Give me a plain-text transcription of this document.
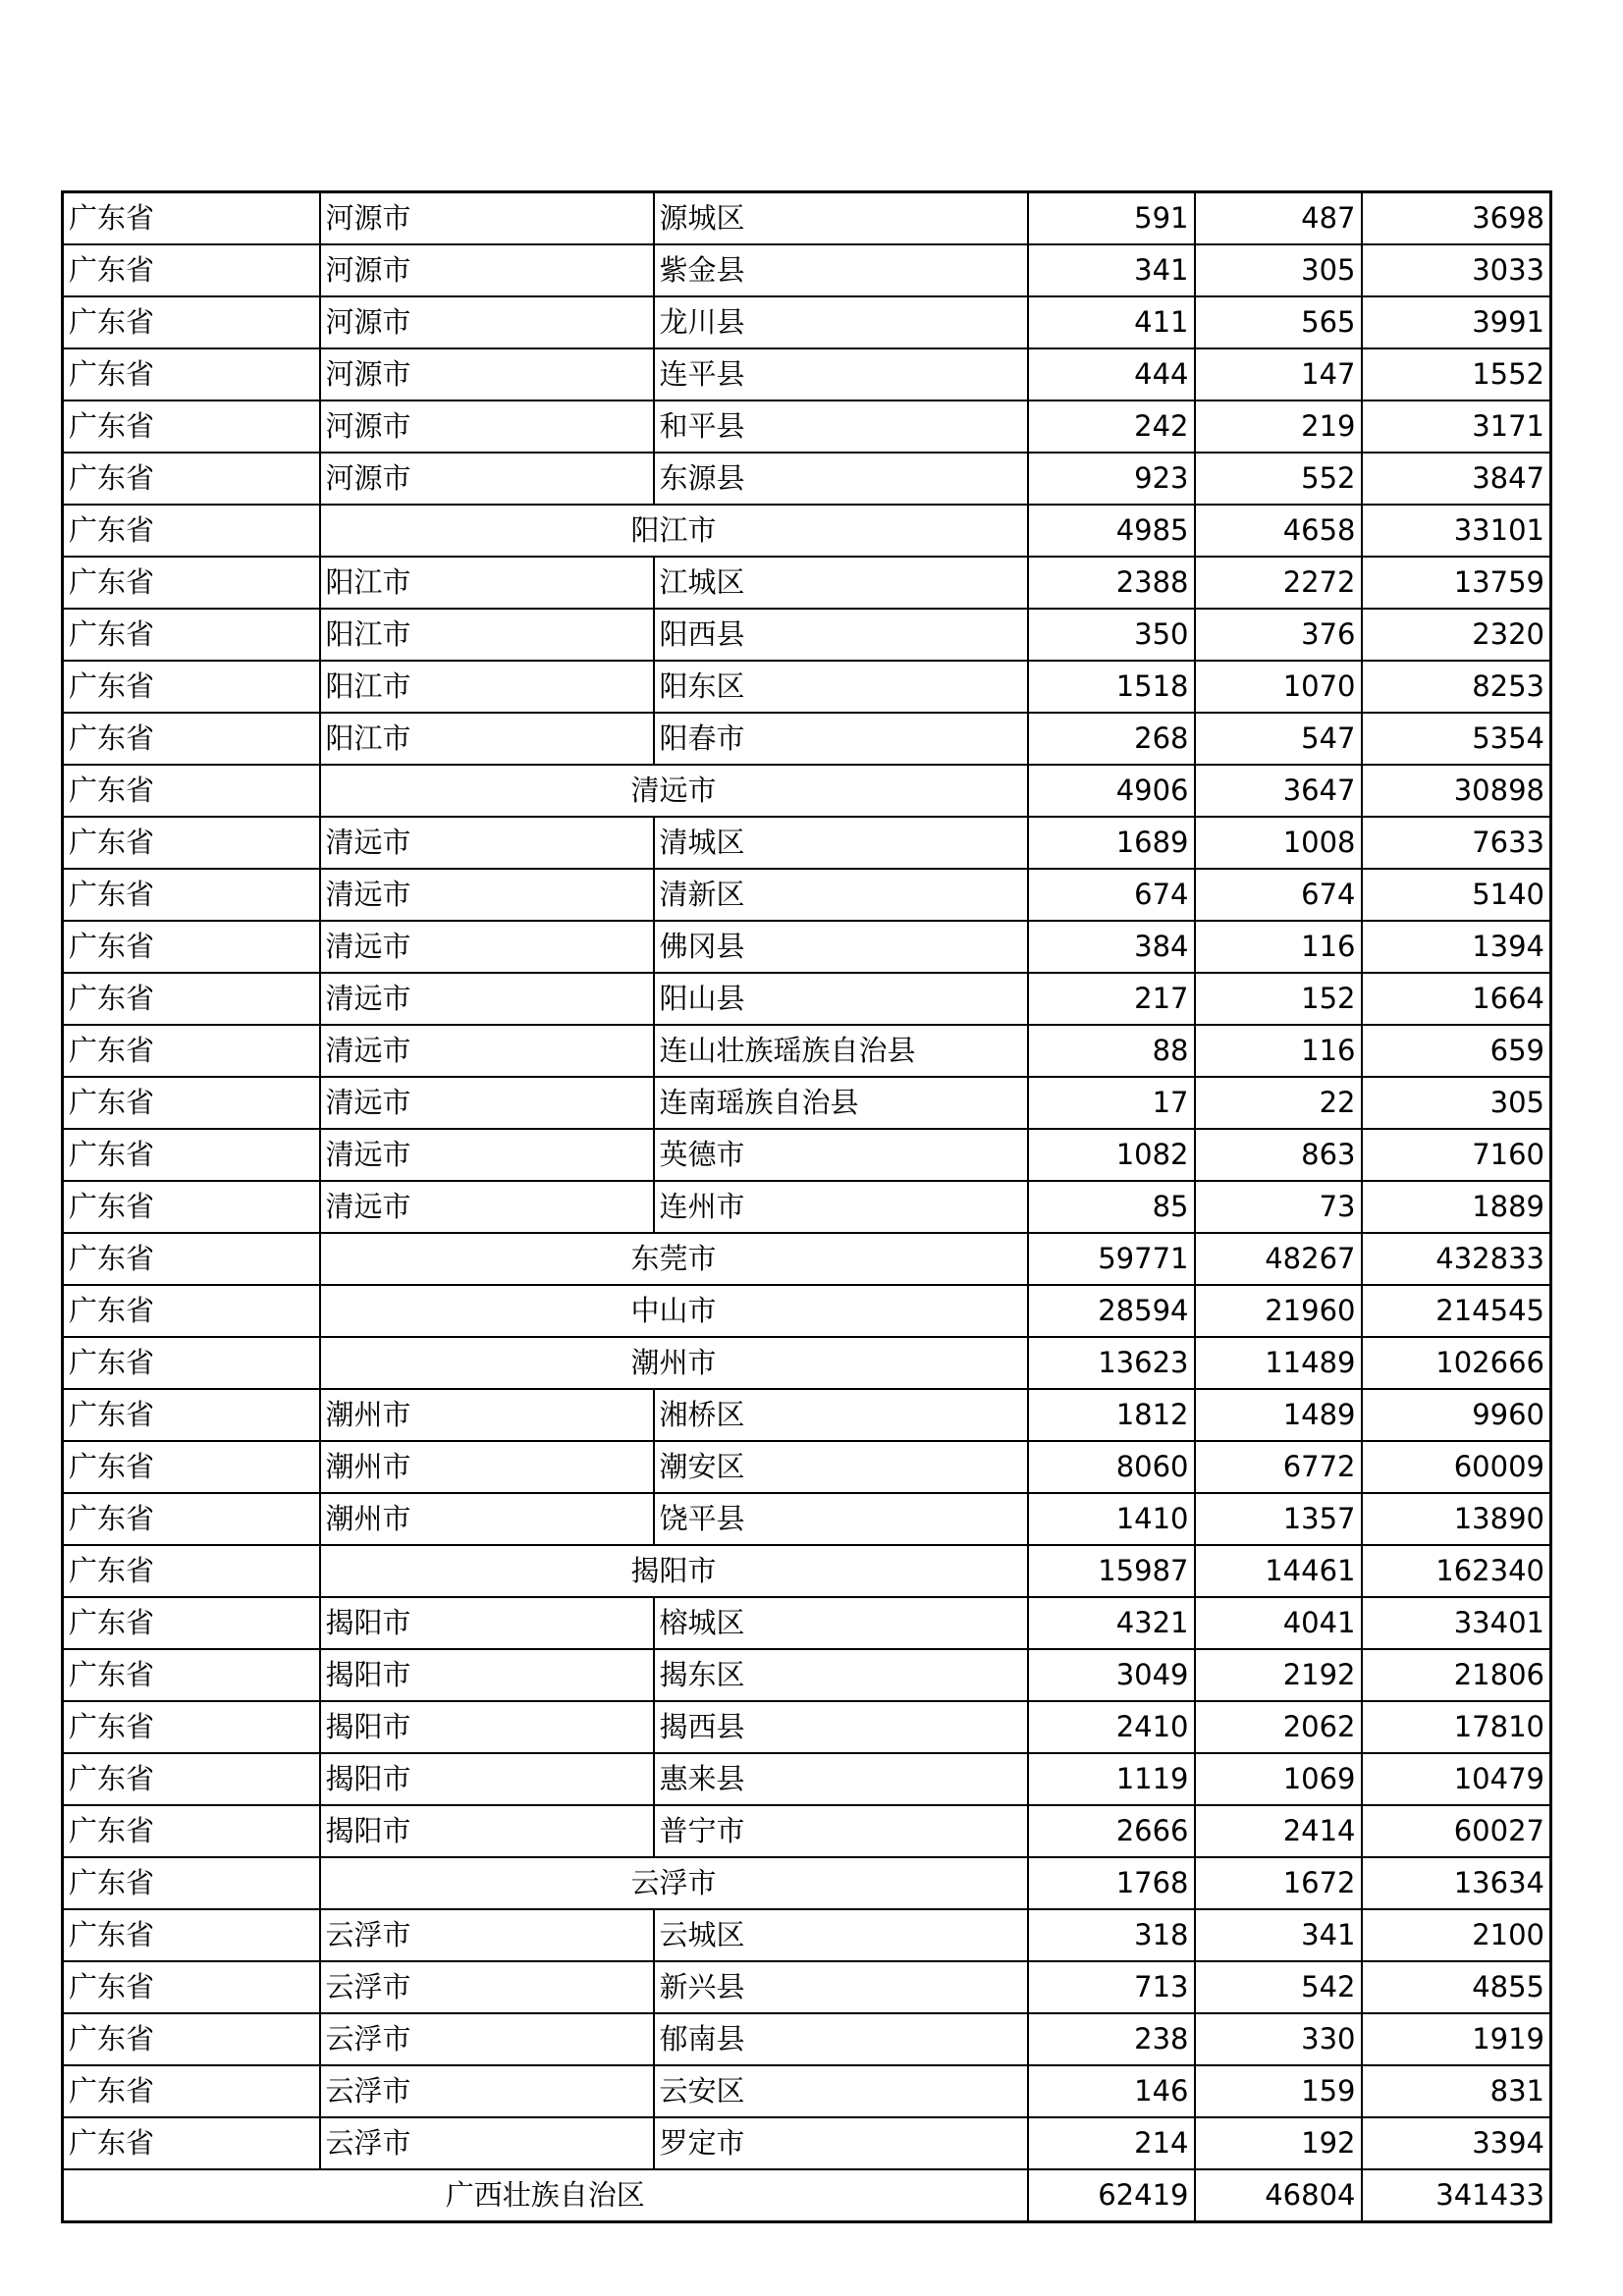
广东省	河源市	源城区	591	487	3698
广东省	河源市	紫金县	341	305	3033
广东省	河源市	龙川县	411	565	3991
广东省	河源市	连平县	444	147	1552
广东省	河源市	和平县	242	219	3171
广东省	河源市	东源县	923	552	3847
广东省	阳江市		4985	4658	33101
广东省	阳江市	江城区	2388	2272	13759
广东省	阳江市	阳西县	350	376	2320
广东省	阳江市	阳东区	1518	1070	8253
广东省	阳江市	阳春市	268	547	5354
广东省	清远市		4906	3647	30898
广东省	清远市	清城区	1689	1008	7633
广东省	清远市	清新区	674	674	5140
广东省	清远市	佛冈县	384	116	1394
广东省	清远市	阳山县	217	152	1664
广东省	清远市	连山壮族瑶族自治县	88	116	659
广东省	清远市	连南瑶族自治县	17	22	305
广东省	清远市	英德市	1082	863	7160
广东省	清远市	连州市	85	73	1889
广东省	东莞市		59771	48267	432833
广东省	中山市		28594	21960	214545
广东省	潮州市		13623	11489	102666
广东省	潮州市	湘桥区	1812	1489	9960
广东省	潮州市	潮安区	8060	6772	60009
广东省	潮州市	饶平县	1410	1357	13890
广东省	揭阳市		15987	14461	162340
广东省	揭阳市	榕城区	4321	4041	33401
广东省	揭阳市	揭东区	3049	2192	21806
广东省	揭阳市	揭西县	2410	2062	17810
广东省	揭阳市	惠来县	1119	1069	10479
广东省	揭阳市	普宁市	2666	2414	60027
广东省	云浮市		1768	1672	13634
广东省	云浮市	云城区	318	341	2100
广东省	云浮市	新兴县	713	542	4855
广东省	云浮市	郁南县	238	330	1919
广东省	云浮市	云安区	146	159	831
广东省	云浮市	罗定市	214	192	3394
广西壮族自治区			62419	46804	341433
